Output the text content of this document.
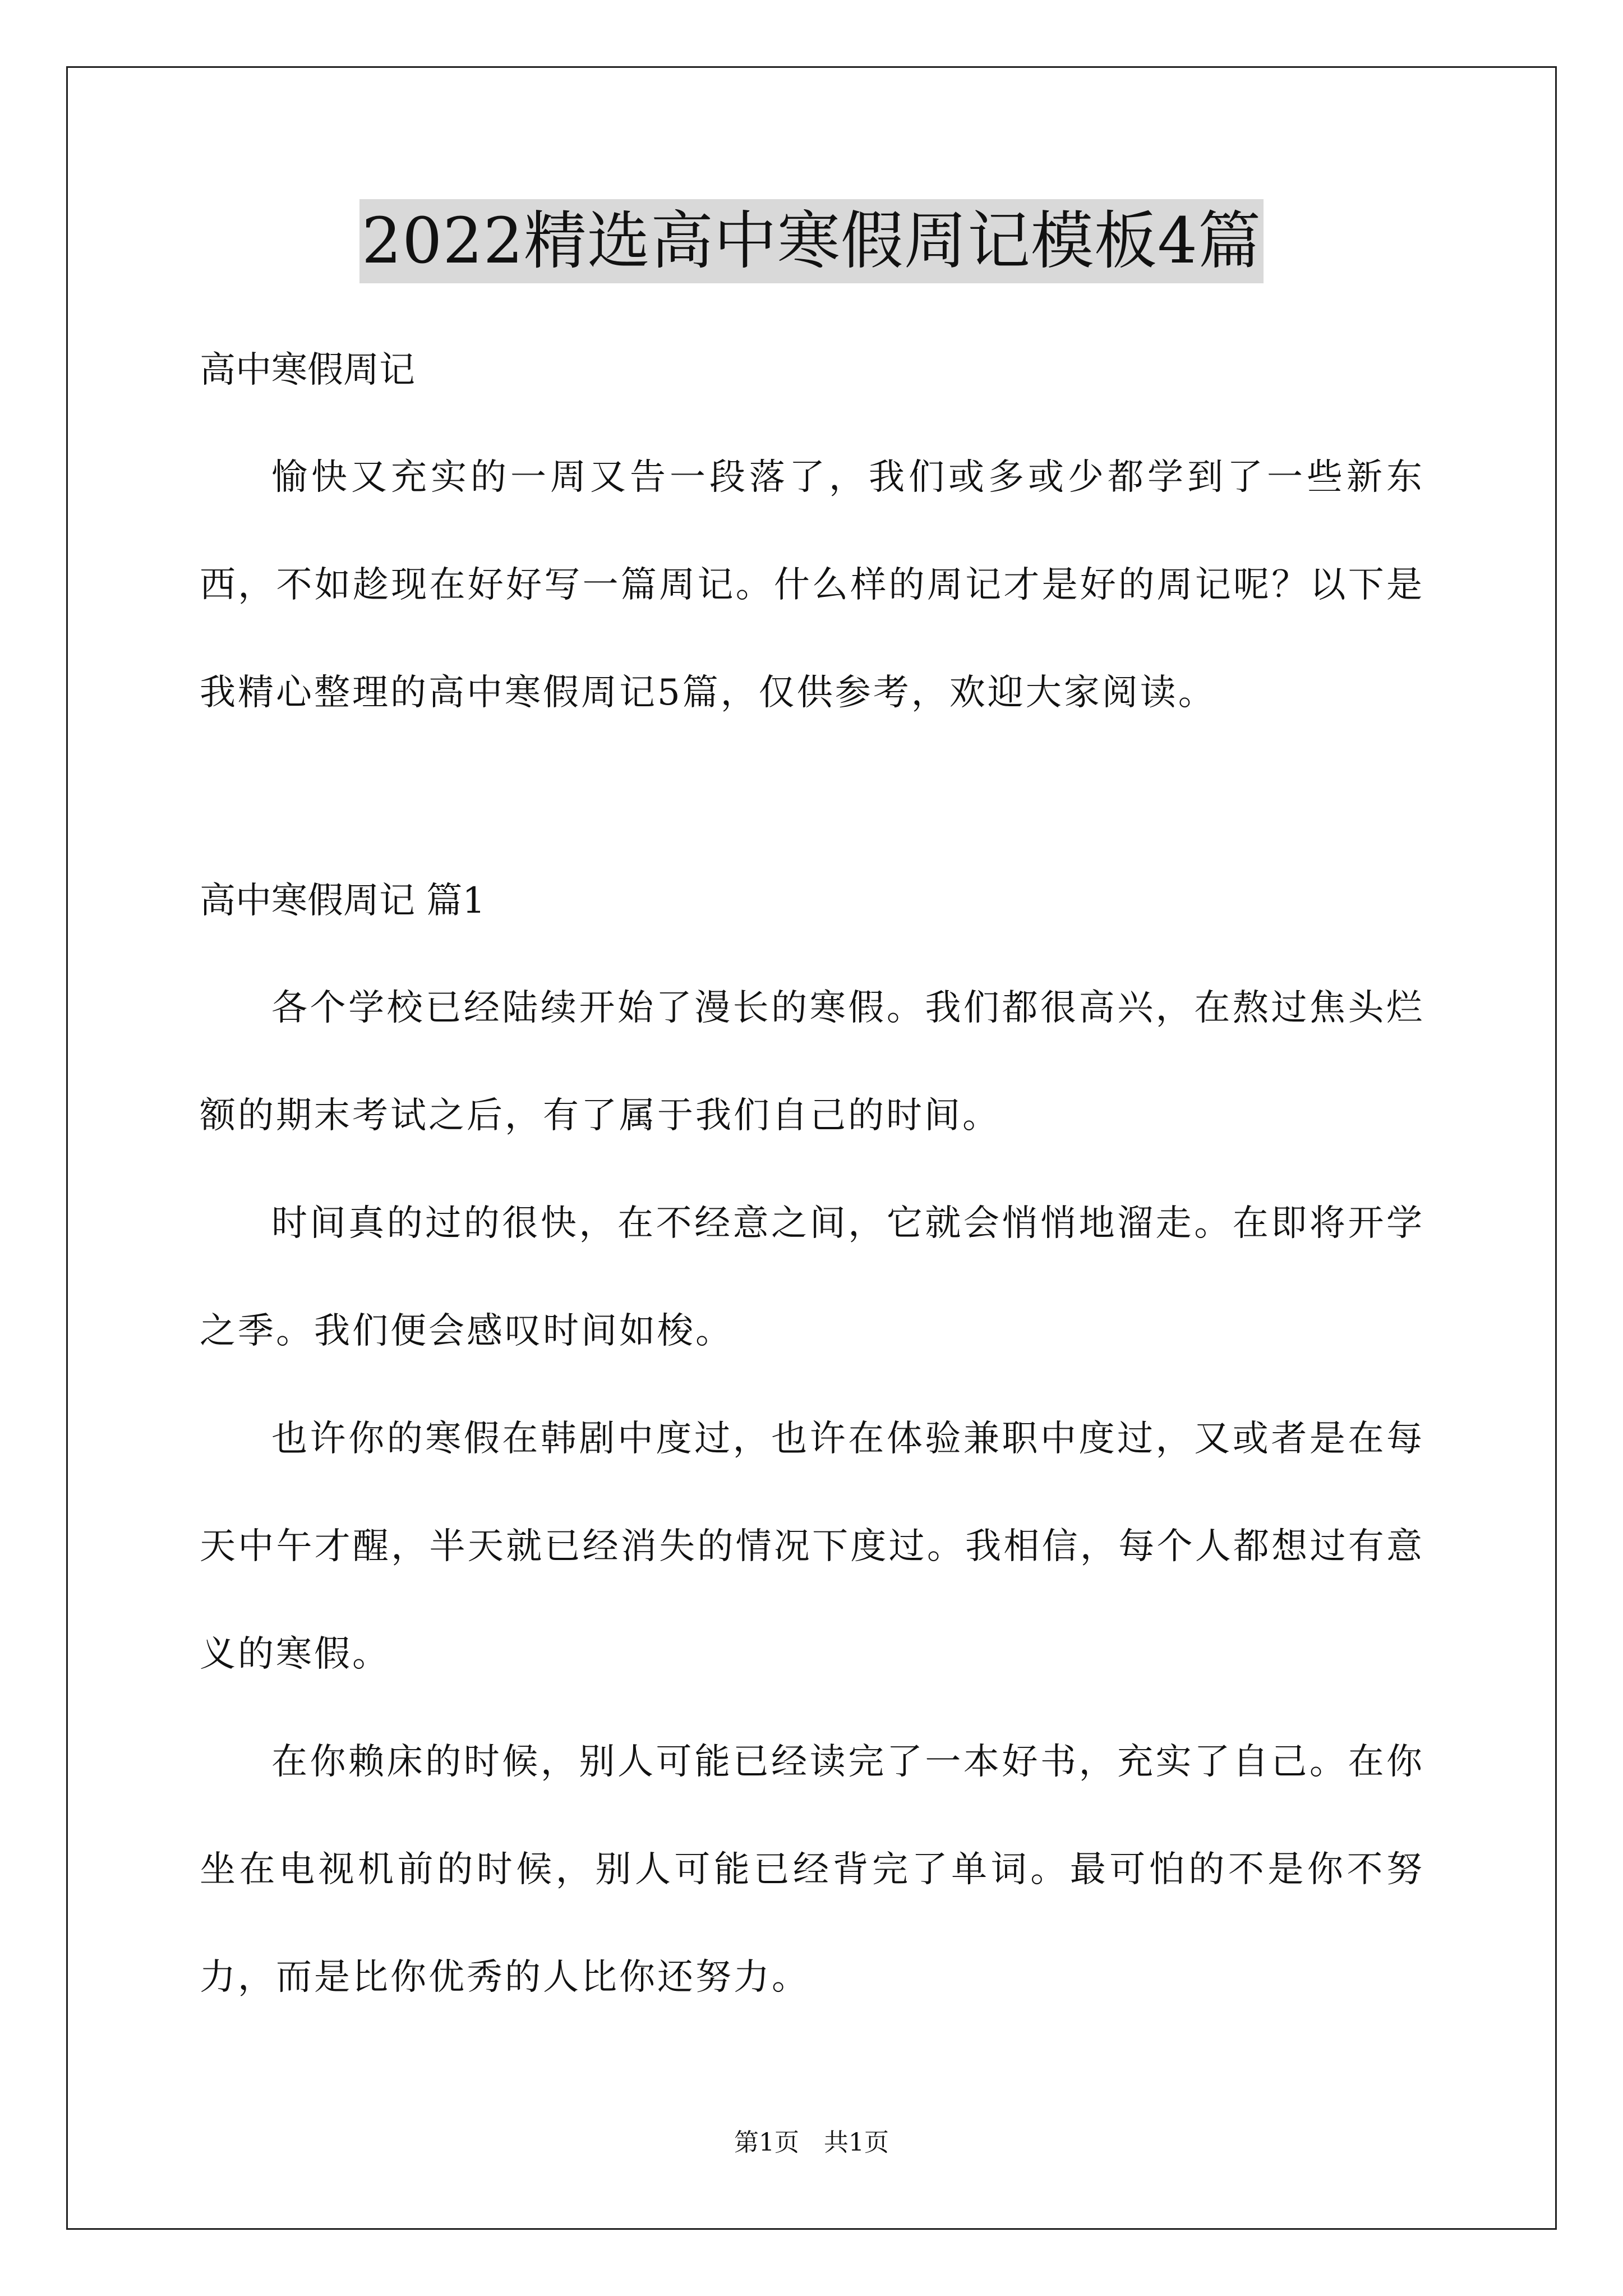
2022精选高中寒假周记模板4篇

高中寒假周记

愉快又充实的一周又告一段落了，我们或多或少都学到了一些新东西，不如趁现在好好写一篇周记。什么样的周记才是好的周记呢？以下是我精心整理的高中寒假周记5篇，仅供参考，欢迎大家阅读。

高中寒假周记 篇1

各个学校已经陆续开始了漫长的寒假。我们都很高兴，在熬过焦头烂额的期末考试之后，有了属于我们自己的时间。

时间真的过的很快，在不经意之间，它就会悄悄地溜走。在即将开学之季。我们便会感叹时间如梭。

也许你的寒假在韩剧中度过，也许在体验兼职中度过，又或者是在每天中午才醒，半天就已经消失的情况下度过。我相信，每个人都想过有意义的寒假。

在你赖床的时候，别人可能已经读完了一本好书，充实了自己。在你坐在电视机前的时候，别人可能已经背完了单词。最可怕的不是你不努力，而是比你优秀的人比你还努力。

第1页　共1页
